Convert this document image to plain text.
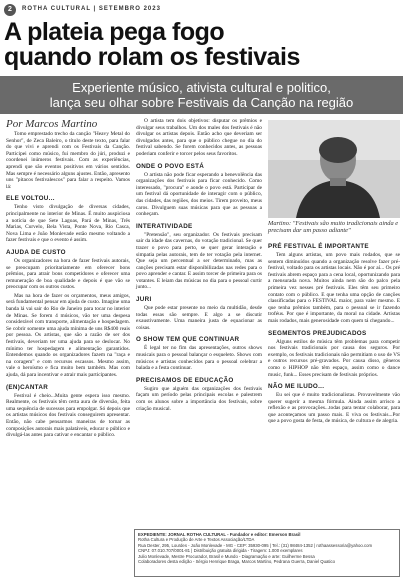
2	ROTHA CULTURAL | SETEMBRO 2023
A plateia pega fogo
quando rolam os festivais
Experiente músico, ativista cultural e politico,
lança seu olhar sobre Festivais da Canção na região
Por Marcos Martino

Tomo emprestado trecho da canção "Heavy Metal do Senhor", de Zeca Baleiro, o título deste texto, para falar do que vivi e aprendi com os Festivais da Canção. Participei como músico, fui membro do júri, produzi e coordenei inúmeros festivais. Com as experiências, aprendi que são eventos positivos em vários sentidos. Mas sempre é necessário alguns ajustes. Então, apresento uns "pitacos festivalescos" para falar a respeito. Vamos lá:

ELE VOLTOU...

Tenho visto divulgação de diversas cidades, principalmente no interior de Minas. É muito auspiciosa a notícia de que Sete Lagoas, Pará de Minas, Três Marias, Curvelo, Bela Vista, Ponte Nova, Rio Casca, Nova Lima e João Monlevade estão mesmo voltando a fazer festivais e que o evento é assim.

AJUDA DE CUSTO

Os organizadores na hora de fazer festivais autorais, se preocupam prioritariamente em oferecer bons prêmios, para atrair bons competidores e oferecer uma remuneração de boa qualidade e depois é que vão se preocupar com os outros custos.

Mas na hora de fazer os orçamentos, meus amigos, será fundamental pensar em ajuda de custo. Imagine uma banda lá vai sair do Rio de Janeiro para tocar no interior de Minas. Se forem 4 músicos, vão ter uma despesa considerável com transporte, alimentação e hospedagem. Se cobrir somente uma ajuda mínima de uns R$400 reais por pessoa. Os artistas, que são a razão de ser dos festivais, deveriam ter uma ajuda para se deslocar. No mínimo ter hospedagem e alimentação garantidos. Entendemos quando os organizadores fazem na "raça e na coragem" e com recursos escassos. Mesmo assim, vale o heroísmo e fica muito bem também. Mas com ajuda, dá para incentivar e atrair mais participantes.

(EN)CANTAR

Festival é cheio...Muita gente espera isso mesmo. Realmente, os festivais têm certa aura de diversão, feita uma sequência de sucessos para empolgar. Só depois que os artistas músicos dos festivais conseguirem apresentar. Então, não cabe pensarmos maneiras de tornar as composições autorais mais palatáveis, educar o público e divulgá-las antes para cativar e encantar o público.

O artista tem dois objetivos: disputar os prêmios e divulgar seus trabalhos. Um dos males dos festivais é não divulgar os artistas depois. Então acho que deveriam ser divulgados antes, para que o público chegue no dia do festival sabendo. Se forem conhecidos antes, as pessoas poderiam conferir e torcer pelos seus favoritos.

ONDE O POVO ESTÁ

O artista não pode ficar esperando a benevolência das organizações dos festivais para ficar conhecido. Como interessado, "procura" e aonde o povo está. Participar de um festival dá oportunidade de interagir com o público, das cidades, das regiões, dos meios. Tirem proveito, meus caros. Divulguem suas músicas para que as pessoas a conheçam.

INTERATIVIDADE

"Pretensão", seu organizador. Os festivais precisam sair da idade das cavernas, do votação tradicional. Se quer trazer o povo para perto, se quer gerar interação e simpatia pelas autorais, tem de ter votação pela internet. Que seja um percentual a ser determinado, mas as canções precisam estar disponibilizadas nas redes para o povo aprender e cantar. E assim torcer de primeira para os votantes. E leiam das músicas no dia para o pessoal curtir junto...

JURI

Que pode estar presente no meio da multidão, desde todas essas são sempre. E algo a se discutir exaustivamente. Uma maneira justa de equacionar as coisas.

O SHOW TEM QUE CONTINUAR

É legal ter no fim das apresentações, outros shows musicais para o pessoal balançar o esqueleto. Shows com músicos e artistas conhecidos para o pessoal celebrar a balada e a festa continuar.

PRECISAMOS DE EDUCAÇÃO

Sugiro que alguém das organizações dos festivais façam um período pelas principais escolas e palestrem com os alunos sobre a importância dos festivais, sobre criação musical.

Martino: "Festivais são muito tradicionais ainda e precisam dar um passo adiante"
PRÉ FESTIVAL É IMPORTANTE

Tem alguns artistas, um povo mais rodados, que se sentem diminuídos quando a organização resolve fazer pré-festival, voltado para os artistas locais. Não é por aí... Os pré festivais abrem espaço para a cena local, oportunizando para a mensurada nova. Muitos ainda nem são do palco pela primeira vez nesses pré festivais. Eles têm seu primeiro contato com o público. E que tenha uma opção de canções classificadas para o FESTIVAL maior, para valer mesmo. E que tenha prêmios também, para o pessoal se ir fazendo troféus. Por que é importante, da moral na cidade. Artistas mais rodados, mais generosidade com quem tá chegando...

SEGMENTOS PREJUDICADOS

Alguns estilos de música têm problemas para competir nos festivais tradicionais por causa dos seguros. Por exemplo, os festivais tradicionais não permitiam o uso de VS e outros recursos pré-gravados. Por causa disso, gêneros como o HIPHOP não têm espaço, assim como o dance music, funk... Esses precisam de festivais próprios.

NÃO ME ILUDO...

Eu sei que é muito tradicionalistas. Provavelmente vão querer sugerir a mesma fórmula. Ainda assim arrisco a reflexão e as provocações...todas para tentar colaborar, para que aconteçamos um passo mais. E viva os festivais...Por que a povo gosta de festa, de música, de cultura e de alegria.

EXPEDIENTE: JORNAL ROTHA CULTURAL - Fundador e editor: Emerson Brasil
Rotha Cultura e Produção de Arte e Textos Associação/LTDA
Rua Dester, 295, Lourdes - João Monlevade - MG - CEP: 35930-095 | Tel.: (31) 98484-1352 | rothaassessoria@yahoo.com
CNPJ: 07.010.707/0001-81 | Distribuição gratuita dirigida - Tiragem: 1.000 exemplares
Julio Monlevade, Mestre Procurador, Brasil e Mundo - Diagramação e arte: Guilherme Bessa
Colaboradores desta edição - Sérgio Henrique Braga, Marcos Martino, Pedrana Guerra, Daniel Quatico
